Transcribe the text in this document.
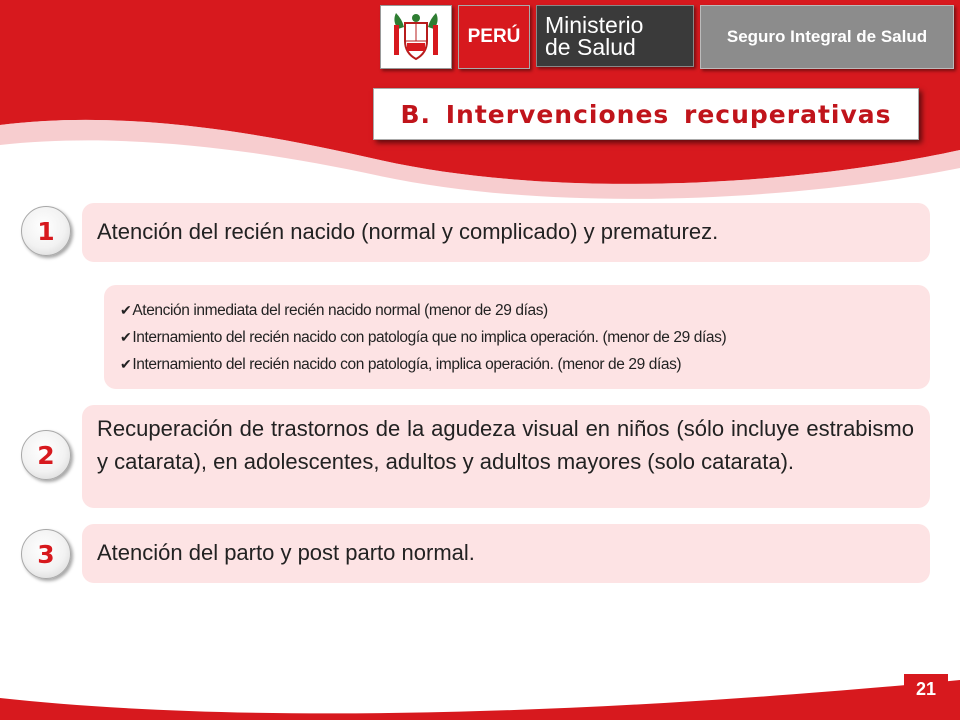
PERÚ Ministerio
de Salud	Seguro Integral de Salud
B. Intervenciones recuperativas
1	Atención del recién nacido (normal y complicado) y prematurez.
✔Atención inmediata del recién nacido normal (menor de 29 días)
✔Internamiento del recién nacido con patología que no implica operación. (menor de 29 días)
✔Internamiento del recién nacido con patología, implica operación. (menor de 29 días)
2
Recuperación de trastornos de la agudeza visual en niños (sólo incluye estrabismo y catarata), en adolescentes, adultos y adultos mayores (solo catarata).
3	Atención del parto y post parto normal.
21
